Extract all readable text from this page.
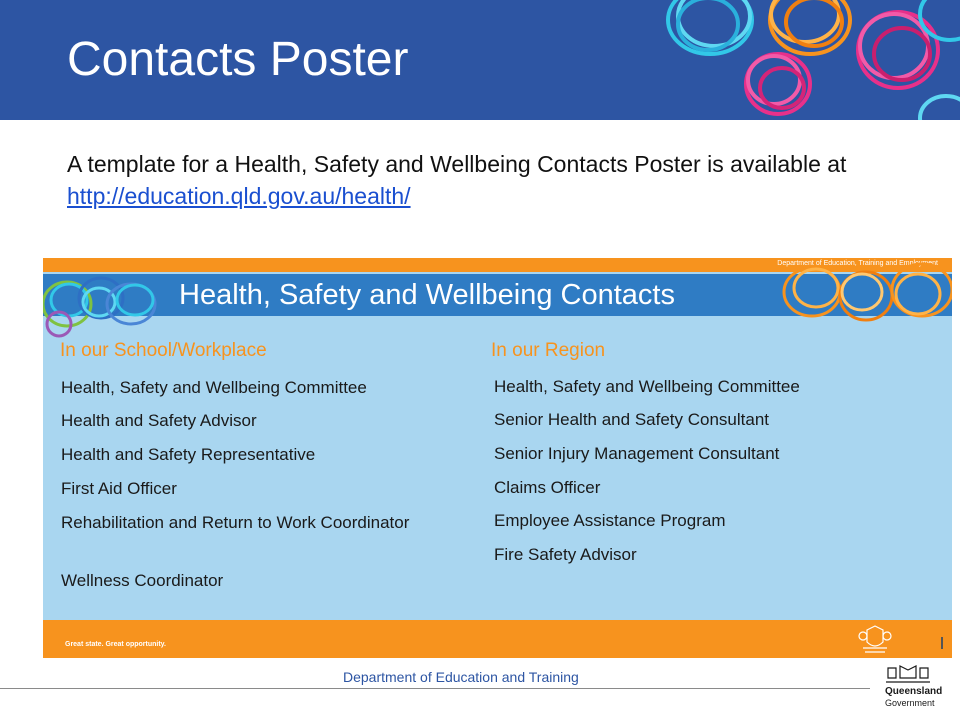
Contacts Poster
A template for a Health, Safety and Wellbeing Contacts Poster is available at http://education.qld.gov.au/health/
Department of Education, Training and Employment
Health, Safety and Wellbeing Contacts
In our School/Workplace	In our Region
Health, Safety and Wellbeing Committee
Health and Safety Advisor
Health and Safety Representative
First Aid Officer
Rehabilitation and Return to Work Coordinator
Wellness Coordinator
Health, Safety and Wellbeing Committee
Senior Health and Safety Consultant
Senior Injury Management Consultant
Claims Officer
Employee Assistance Program
Fire Safety Advisor
Great state. Great opportunity.
Department of Education and Training
Queensland
Government
